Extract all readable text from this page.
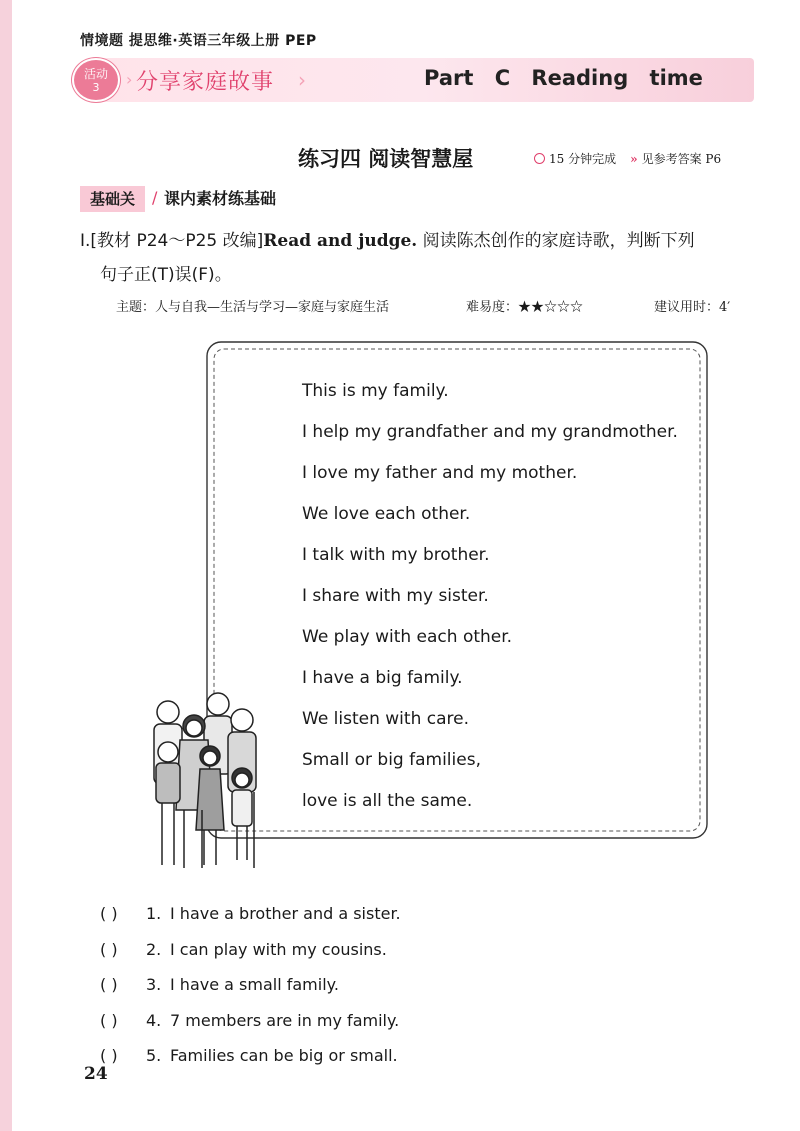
情境题 提思维·英语三年级上册 PEP
活动
3	› 分享家庭故事 ›	Part C Reading time
练习四 阅读智慧屋	15 分钟完成 » 见参考答案 P6
基础关	/ 课内素材练基础
Ⅰ.[教材 P24～P25 改编]Read and judge. 阅读陈杰创作的家庭诗歌，判断下列
句子正(T)误(F)。
主题：人与自我—生活与学习—家庭与家庭生活	难易度：★★☆☆☆	建议用时：4′
This is my family.
I help my grandfather and my grandmother.
I love my father and my mother.
We love each other.
I talk with my brother.
I share with my sister.
We play with each other.
I have a big family.
We listen with care.
Small or big families,
love is all the same.
( ) 1. I have a brother and a sister.
( ) 2. I can play with my cousins.
( ) 3. I have a small family.
( ) 4. 7 members are in my family.
( ) 5. Families can be big or small.
24
